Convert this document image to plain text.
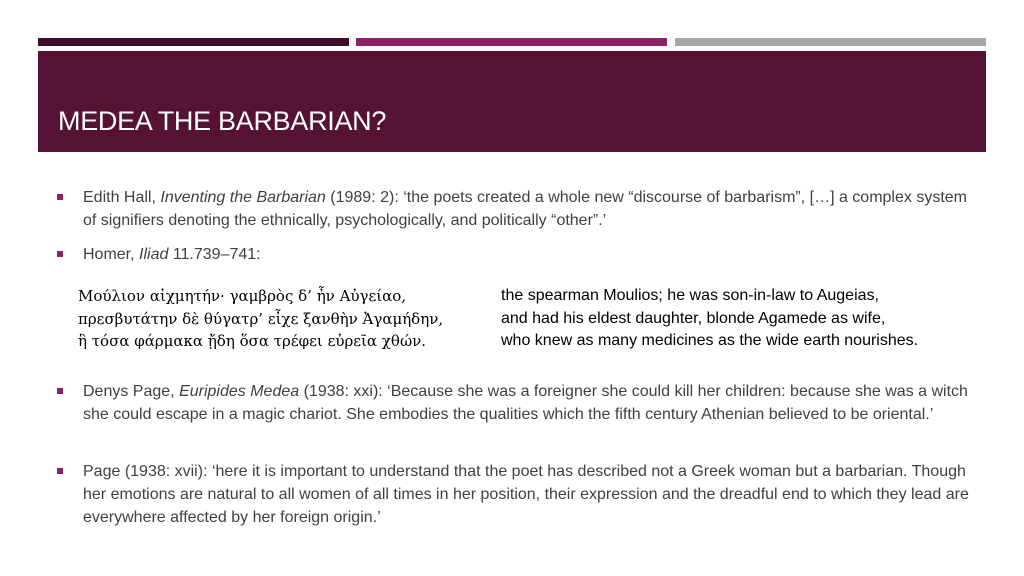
MEDEA THE BARBARIAN?
Edith Hall, Inventing the Barbarian (1989: 2): ‘the poets created a whole new “discourse of barbarism”, […] a complex system of signifiers denoting the ethnically, psychologically, and politically “other”.’
Homer, Iliad 11.739–741:
Μούλιον αἰχμητήν· γαμβρὸς δ’ ἦν Αὐγείαο,
πρεσβυτάτην δὲ θύγατρ’ εἶχε ξανθὴν Ἀγαμήδην,
ἣ τόσα φάρμακα ᾔδη ὅσα τρέφει εὐρεῖα χθών.
the spearman Moulios; he was son-in-law to Augeias,
and had his eldest daughter, blonde Agamede as wife,
who knew as many medicines as the wide earth nourishes.
Denys Page, Euripides Medea (1938: xxi): ‘Because she was a foreigner she could kill her children: because she was a witch she could escape in a magic chariot. She embodies the qualities which the fifth century Athenian believed to be oriental.’
Page (1938: xvii): ‘here it is important to understand that the poet has described not a Greek woman but a barbarian. Though her emotions are natural to all women of all times in her position, their expression and the dreadful end to which they lead are everywhere affected by her foreign origin.’
